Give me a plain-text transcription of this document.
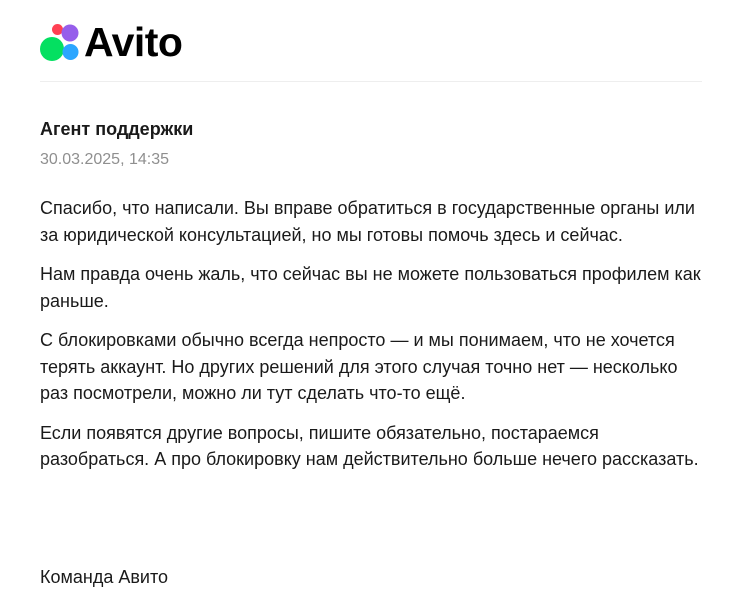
Avito
Агент поддержки
30.03.2025, 14:35

Спасибо, что написали. Вы вправе обратиться в государственные органы или за юридической консультацией, но мы готовы помочь здесь и сейчас.

Нам правда очень жаль, что сейчас вы не можете пользоваться профилем как раньше.

С блокировками обычно всегда непросто — и мы понимаем, что не хочется терять аккаунт. Но других решений для этого случая точно нет — несколько раз посмотрели, можно ли тут сделать что-то ещё.

Если появятся другие вопросы, пишите обязательно, постараемся разобраться. А про блокировку нам действительно больше нечего рассказать.

Команда Авито
